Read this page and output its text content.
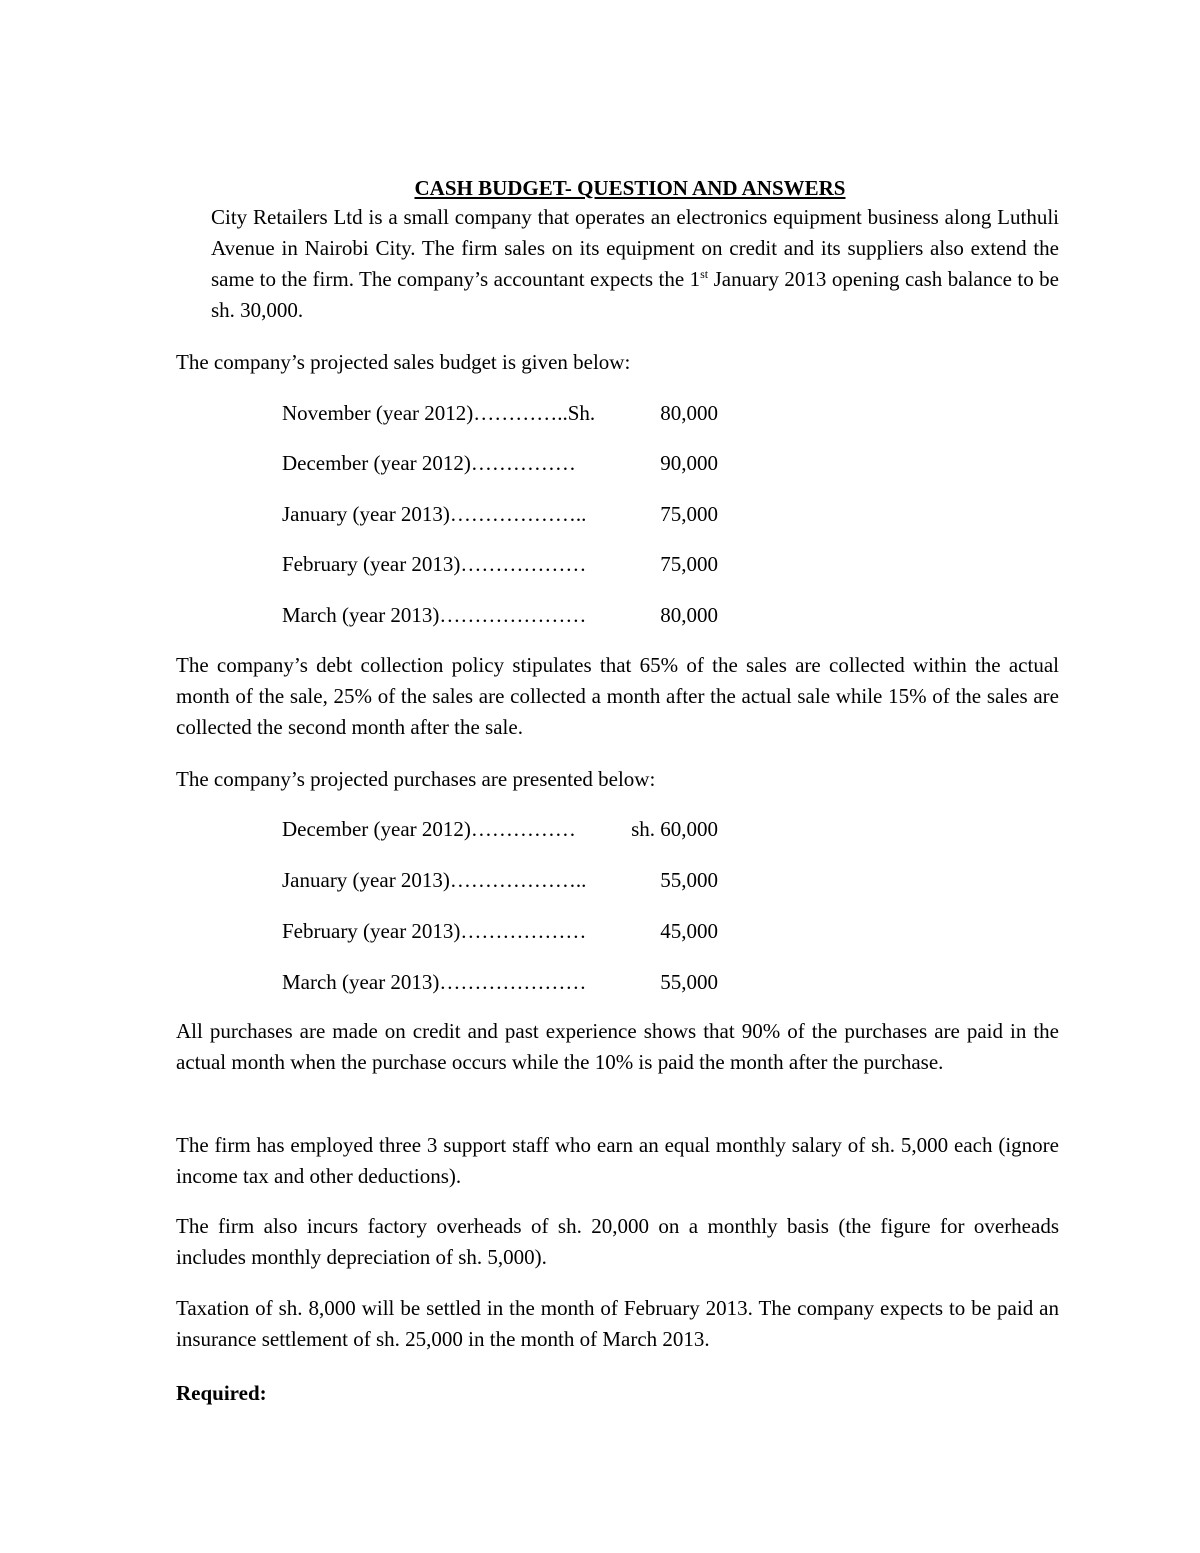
CASH BUDGET- QUESTION AND ANSWERS

City Retailers Ltd is a small company that operates an electronics equipment business along Luthuli Avenue in Nairobi City. The firm sales on its equipment on credit and its suppliers also extend the same to the firm. The company’s accountant expects the 1st January 2013 opening cash balance to be sh. 30,000.

The company’s projected sales budget is given below:

November (year 2012)…………..Sh.	80,000
December (year 2012)……………	90,000
January (year 2013)………………..	75,000
February (year 2013)………………	75,000
March (year 2013)…………………	80,000

The company’s debt collection policy stipulates that 65% of the sales are collected within the actual month of the sale, 25% of the sales are collected a month after the actual sale while 15% of the sales are collected the second month after the sale.

The company’s projected purchases are presented below:

December (year 2012)……………	sh. 60,000
January (year 2013)………………..	55,000
February (year 2013)………………	45,000
March (year 2013)…………………	55,000

All purchases are made on credit and past experience shows that 90% of the purchases are paid in the actual month when the purchase occurs while the 10% is paid the month after the purchase.

The firm has employed three 3 support staff who earn an equal monthly salary of sh. 5,000 each (ignore income tax and other deductions).

The firm also incurs factory overheads of sh. 20,000 on a monthly basis (the figure for overheads includes monthly depreciation of sh. 5,000).

Taxation of sh. 8,000 will be settled in the month of February 2013. The company expects to be paid an insurance settlement of sh. 25,000 in the month of March 2013.

Required:
